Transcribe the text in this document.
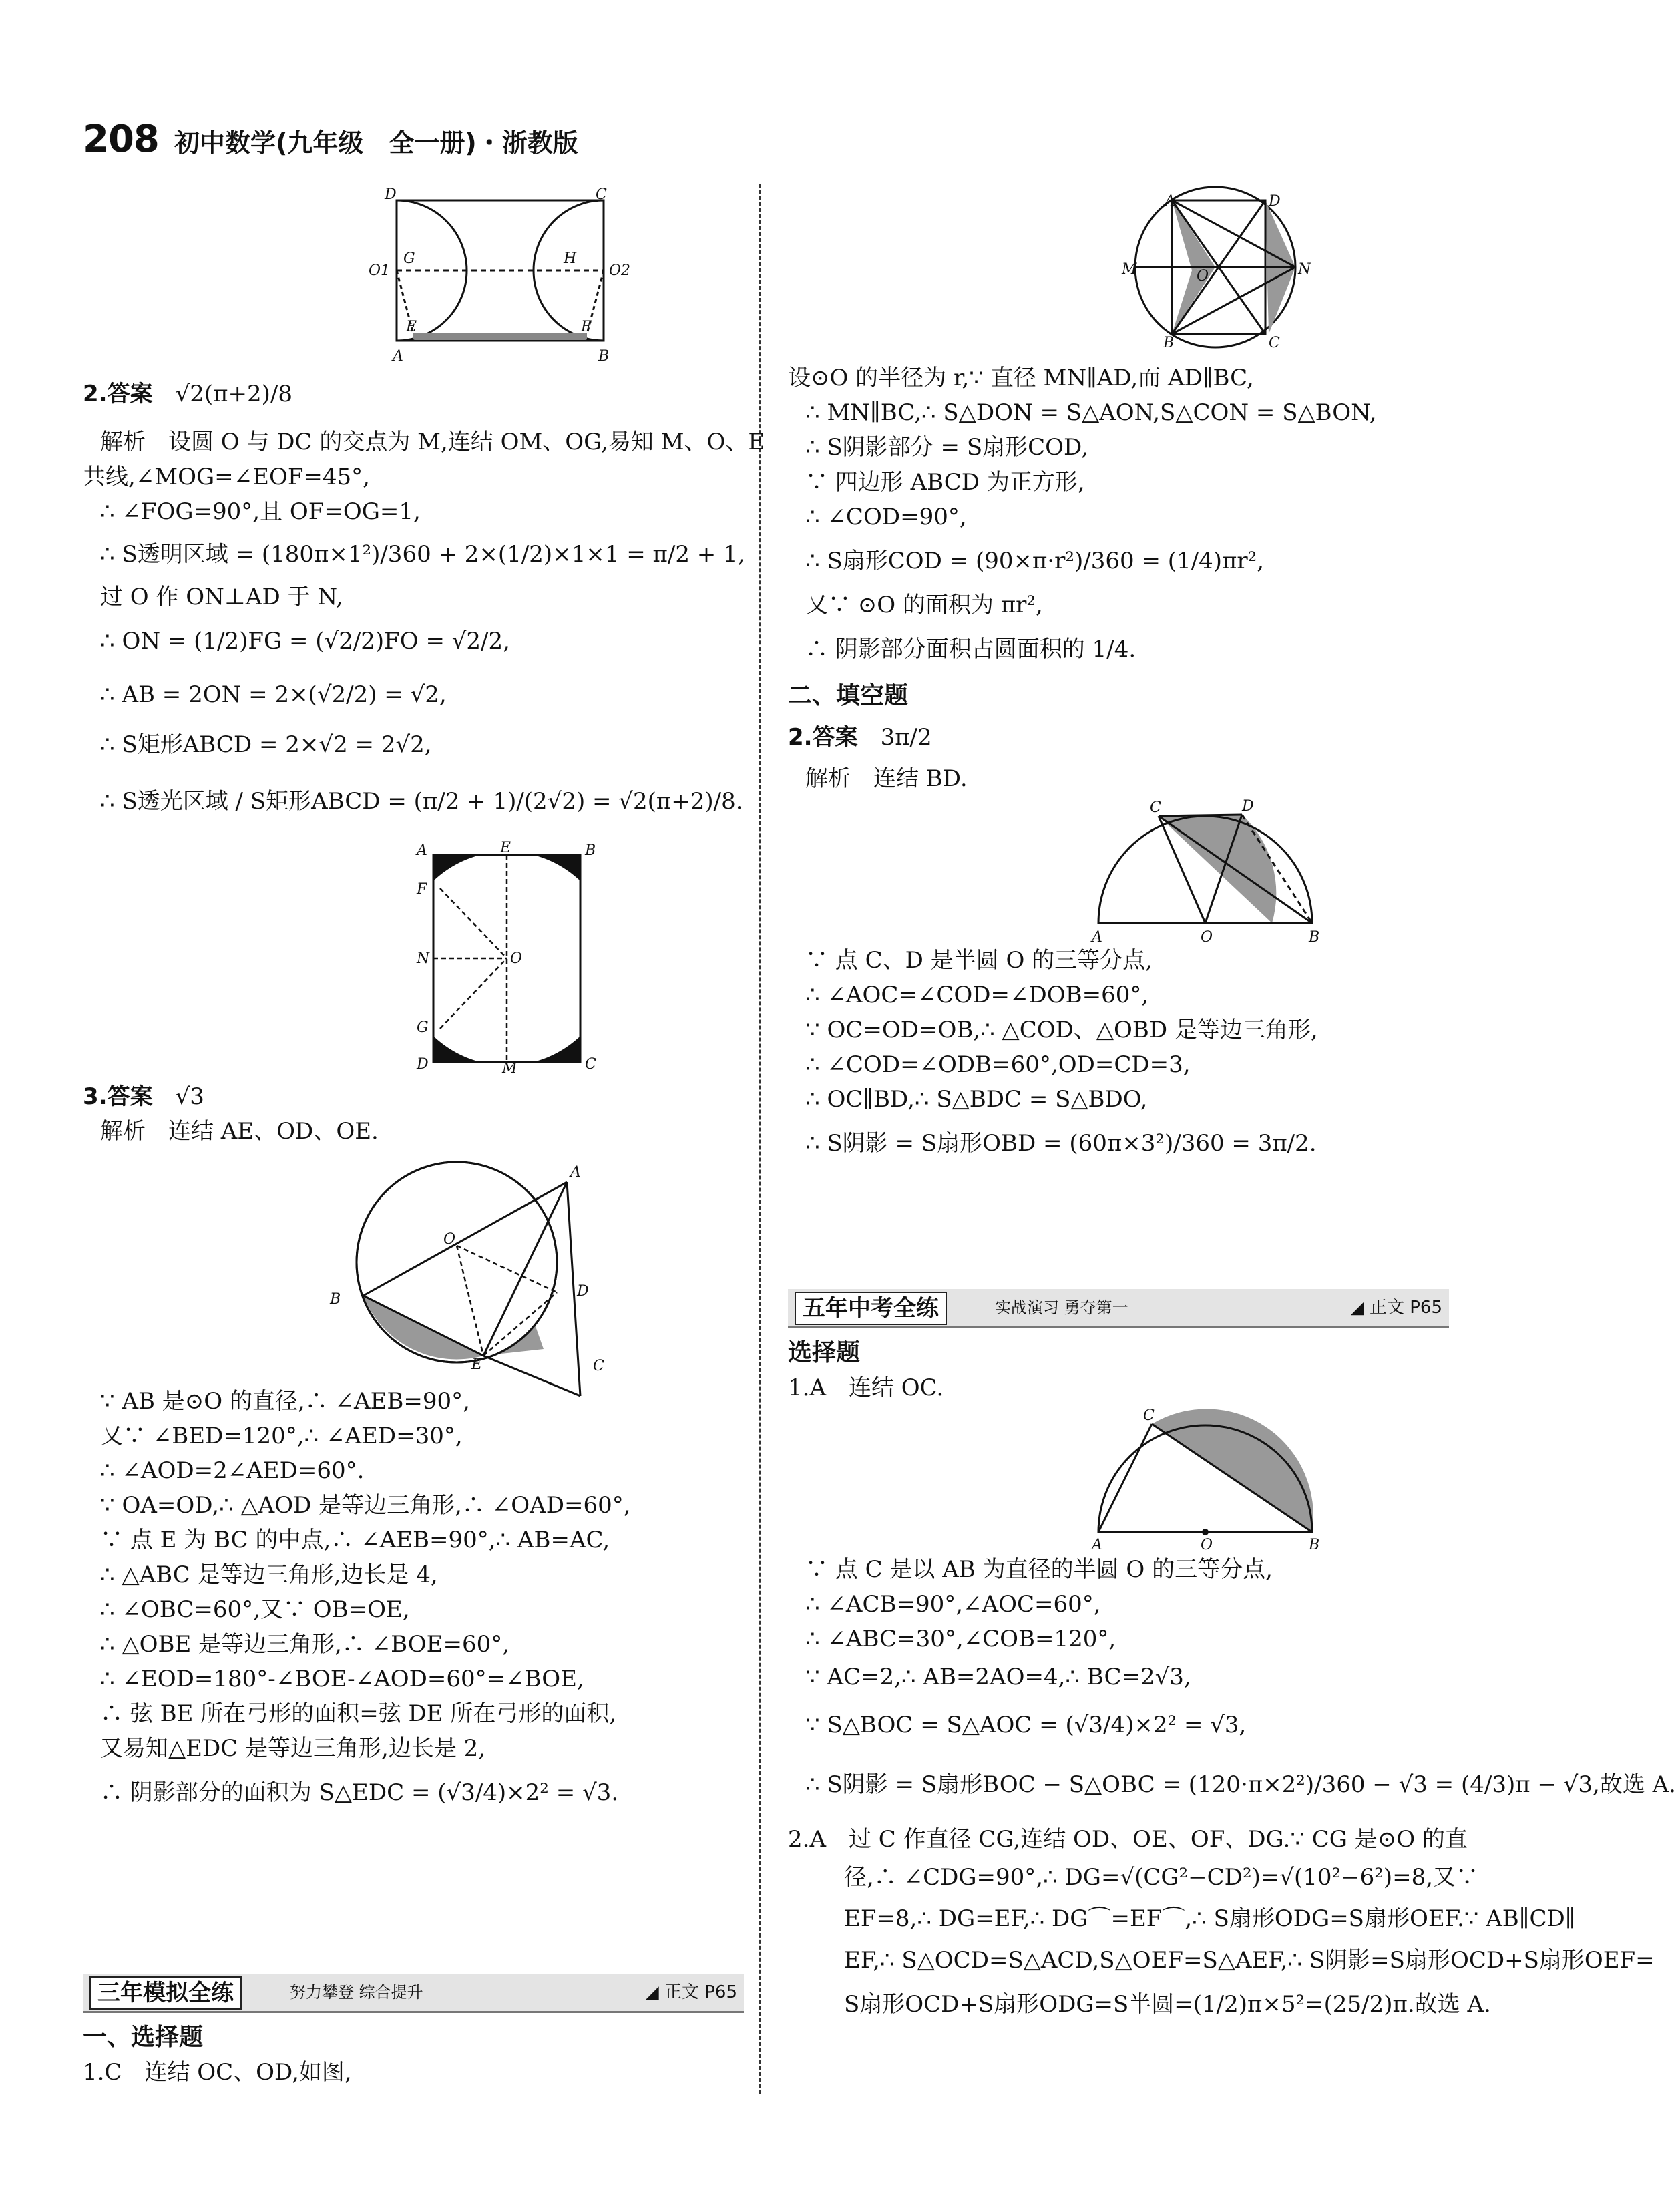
208 初中数学(九年级　全一册)・浙教版
D	C
O1
G	H
O2
E	F
A	B

2.答案　 √2(π+2)/8

解析　设圆 O 与 DC 的交点为 M,连结 OM、OG,易知 M、O、E

共线,∠MOG=∠EOF=45°,

∴ ∠FOG=90°,且 OF=OG=1,

∴ S透明区域 = (180π×1²)/360 + 2×(1/2)×1×1 = π/2 + 1,

过 O 作 ON⊥AD 于 N,

∴ ON = (1/2)FG = (√2/2)FO = √2/2,

∴ AB = 2ON = 2×(√2/2) = √2,

∴ S矩形ABCD = 2×√2 = 2√2,

∴ S透光区域 / S矩形ABCD = (π/2 + 1)/(2√2) = √2(π+2)/8.

A	E	B
F
N	O
G
D	M	C

3.答案　 √3

解析　连结 AE、OD、OE.

A
O
D
B
E	C

∵ AB 是⊙O 的直径,∴ ∠AEB=90°,

又∵ ∠BED=120°,∴ ∠AED=30°,

∴ ∠AOD=2∠AED=60°.

∵ OA=OD,∴ △AOD 是等边三角形,∴ ∠OAD=60°,

∵ 点 E 为 BC 的中点,∴ ∠AEB=90°,∴ AB=AC,

∴ △ABC 是等边三角形,边长是 4,

∴ ∠OBC=60°,又∵ OB=OE,

∴ △OBE 是等边三角形,∴ ∠BOE=60°,

∴ ∠EOD=180°-∠BOE-∠AOD=60°=∠BOE,

∴ 弦 BE 所在弓形的面积=弦 DE 所在弓形的面积,

又易知△EDC 是等边三角形,边长是 2,

∴ 阴影部分的面积为 S△EDC = (√3/4)×2² = √3.

三年模拟全练	努力攀登 综合提升	◢ 正文 P65

一、选择题

1.C　连结 OC、OD,如图,

A	D
M	O	N
B	C

设⊙O 的半径为 r,∵ 直径 MN∥AD,而 AD∥BC,

∴ MN∥BC,∴ S△DON = S△AON,S△CON = S△BON,

∴ S阴影部分 = S扇形COD,

∵ 四边形 ABCD 为正方形,

∴ ∠COD=90°,

∴ S扇形COD = (90×π·r²)/360 = (1/4)πr²,

又∵ ⊙O 的面积为 πr²,

∴ 阴影部分面积占圆面积的 1/4.

二、填空题

2.答案　 3π/2

解析　连结 BD.

C	D
A	O	B

∵ 点 C、D 是半圆 O 的三等分点,

∴ ∠AOC=∠COD=∠DOB=60°,

∵ OC=OD=OB,∴ △COD、△OBD 是等边三角形,

∴ ∠COD=∠ODB=60°,OD=CD=3,

∴ OC∥BD,∴ S△BDC = S△BDO,

∴ S阴影 = S扇形OBD = (60π×3²)/360 = 3π/2.

五年中考全练	实战演习 勇夺第一	◢ 正文 P65

选择题

1.A　连结 OC.

C
A	O	B

∵ 点 C 是以 AB 为直径的半圆 O 的三等分点,

∴ ∠ACB=90°,∠AOC=60°,

∴ ∠ABC=30°,∠COB=120°,

∵ AC=2,∴ AB=2AO=4,∴ BC=2√3,

∵ S△BOC = S△AOC = (√3/4)×2² = √3,

∴ S阴影 = S扇形BOC − S△OBC = (120·π×2²)/360 − √3 = (4/3)π − √3,故选 A.

2.A　过 C 作直径 CG,连结 OD、OE、OF、DG.∵ CG 是⊙O 的直

径,∴ ∠CDG=90°,∴ DG=√(CG²−CD²)=√(10²−6²)=8,又∵

EF=8,∴ DG=EF,∴ DG⌒=EF⌒,∴ S扇形ODG=S扇形OEF.∵ AB∥CD∥

EF,∴ S△OCD=S△ACD,S△OEF=S△AEF,∴ S阴影=S扇形OCD+S扇形OEF=

S扇形OCD+S扇形ODG=S半圆=(1/2)π×5²=(25/2)π.故选 A.
